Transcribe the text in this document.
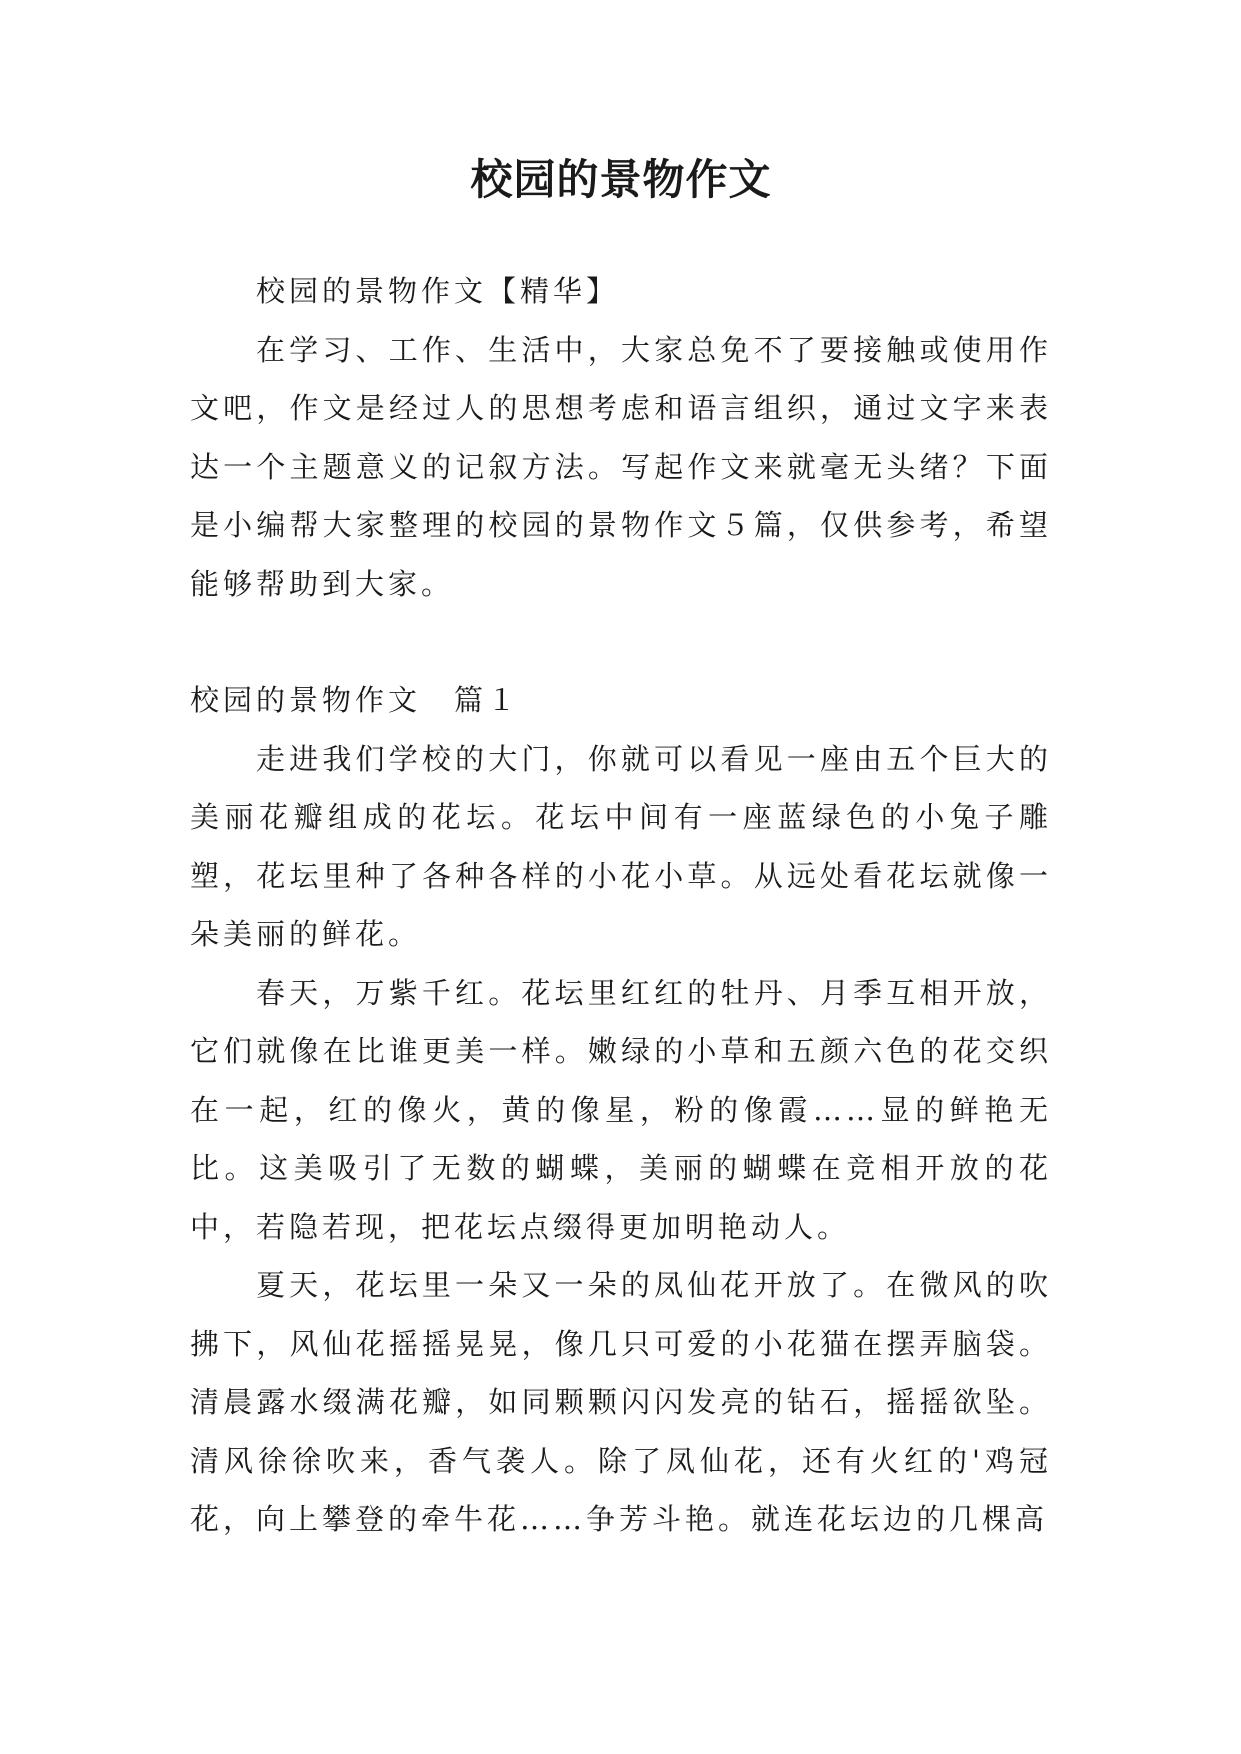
校园的景物作文

校园的景物作文【精华】

在学习、工作、生活中，大家总免不了要接触或使用作文吧，作文是经过人的思想考虑和语言组织，通过文字来表达一个主题意义的记叙方法。写起作文来就毫无头绪？下面是小编帮大家整理的校园的景物作文５篇，仅供参考，希望能够帮助到大家。

校园的景物作文　篇１

走进我们学校的大门，你就可以看见一座由五个巨大的美丽花瓣组成的花坛。花坛中间有一座蓝绿色的小兔子雕塑，花坛里种了各种各样的小花小草。从远处看花坛就像一朵美丽的鲜花。

春天，万紫千红。花坛里红红的牡丹、月季互相开放，它们就像在比谁更美一样。嫩绿的小草和五颜六色的花交织在一起，红的像火，黄的像星，粉的像霞……显的鲜艳无比。这美吸引了无数的蝴蝶，美丽的蝴蝶在竞相开放的花中，若隐若现，把花坛点缀得更加明艳动人。

夏天，花坛里一朵又一朵的凤仙花开放了。在微风的吹拂下，风仙花摇摇晃晃，像几只可爱的小花猫在摆弄脑袋。清晨露水缀满花瓣，如同颗颗闪闪发亮的钻石，摇摇欲坠。清风徐徐吹来，香气袭人。除了凤仙花，还有火红的'鸡冠花，向上攀登的牵牛花……争芳斗艳。就连花坛边的几棵高
